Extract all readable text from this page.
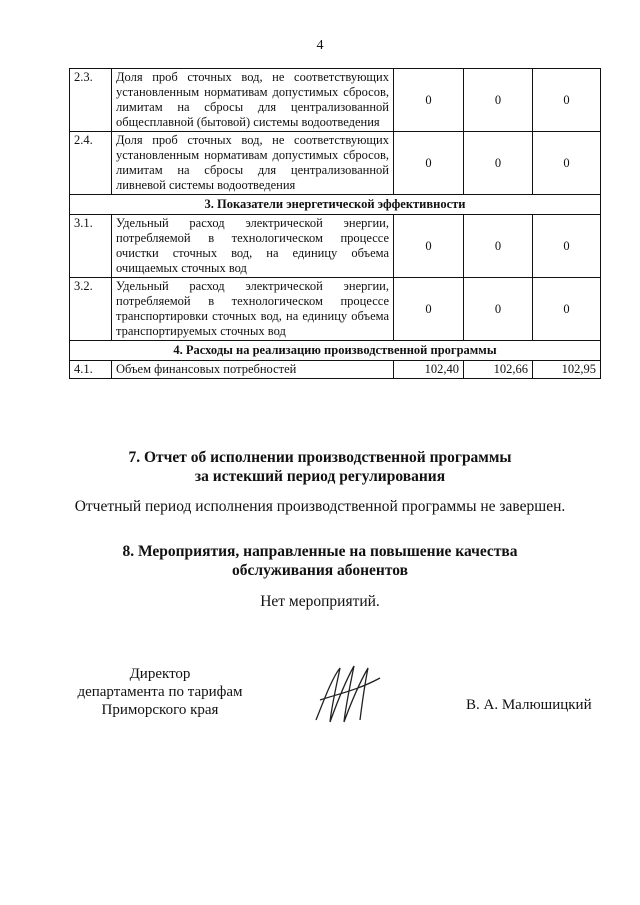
4
2.3.	Доля проб сточных вод, не соответствующих установленным нормативам допустимых сбросов, лимитам на сбросы для централизованной общесплавной (бытовой) системы водоотведения	0	0	0
2.4.	Доля проб сточных вод, не соответствующих установленным нормативам допустимых сбросов, лимитам на сбросы для централизованной ливневой системы водоотведения	0	0	0
3. Показатели энергетической эффективности				
3.1.	Удельный расход электрической энергии, потребляемой в технологическом процессе очистки сточных вод, на единицу объема очищаемых сточных вод	0	0	0
3.2.	Удельный расход электрической энергии, потребляемой в технологическом процессе транспортировки сточных вод, на единицу объема транспортируемых сточных вод	0	0	0
4. Расходы на реализацию производственной программы				
4.1.	Объем финансовых потребностей	102,40	102,66	102,95
7. Отчет об исполнении производственной программы
за истекший период регулирования
Отчетный период исполнения производственной программы не завершен.
8. Мероприятия, направленные на повышение качества
обслуживания абонентов
Нет мероприятий.
Директор
департамента по тарифам
Приморского края	В. А. Малюшицкий
